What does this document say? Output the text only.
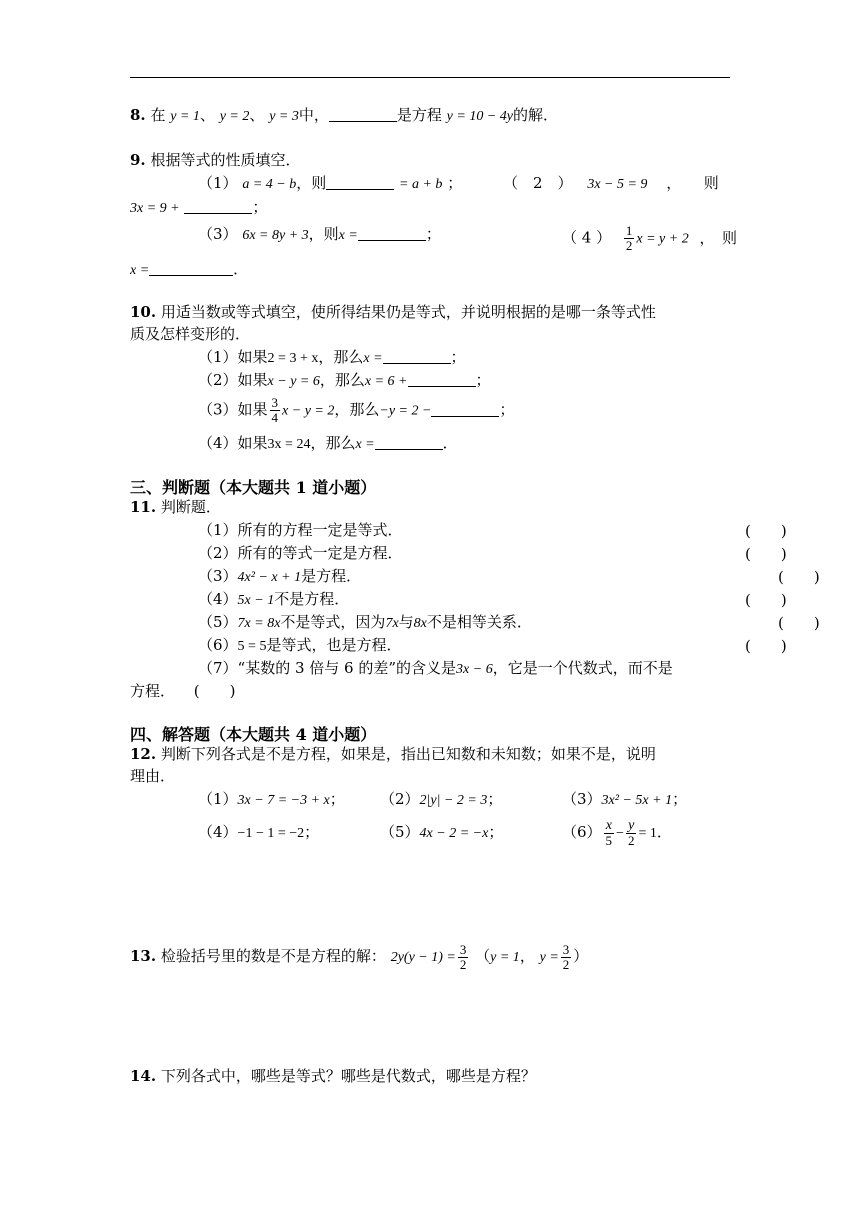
8. 在 y = 1、 y = 2、 y = 3中，	是方程 y = 10 − 4y的解．
9. 根据等式的性质填空．
（1） a = 4 − b，则	= a + b ；	（　2　） 3x − 5 = 9 ，　　则
3x = 9 +	；
（3） 6x = 8y + 3，则x =	；	（ 4 ） $\frac{1}{2}$ x = y + 2 ，　则
x =	．
10. 用适当数或等式填空，使所得结果仍是等式，并说明根据的是哪一条等式性
质及怎样变形的．
（1）如果2 = 3 + x，那么x =	；
（2）如果x − y = 6，那么x = 6 +	；
（3）如果 $\frac{3}{4}$ x − y = 2，那么−y = 2 −	；
（4）如果3x = 24，那么x =	．
三、判断题（本大题共 1 道小题）
11. 判断题．
（1）所有的方程一定是等式．	(　　)
（2）所有的等式一定是方程．	(　　)
（3）4x² − x + 1是方程．	(　　)
（4）5x − 1不是方程．	(　　)
（5）7x = 8x不是等式，因为7x与8x不是相等关系．	(　　)
（6）5 = 5是等式，也是方程．	(　　)
（7）“某数的 3 倍与 6 的差”的含义是3x − 6，它是一个代数式，而不是
方程． (　　)
四、解答题（本大题共 4 道小题）
12. 判断下列各式是不是方程，如果是，指出已知数和未知数；如果不是，说明
理由．
（1）3x − 7 = −3 + x； （2）2|y| − 2 = 3；	（3）3x² − 5x + 1；
（4）−1 − 1 = −2；	（5）4x − 2 = −x；	$(6) \frac{x}{5} - \frac{y}{2} = 1$．
13. 检验括号里的数是不是方程的解： $2y(y - 1) = \frac{3}{2} (y = 1$， $y = \frac{3}{2}$ ）
14. 下列各式中，哪些是等式？哪些是代数式，哪些是方程？
